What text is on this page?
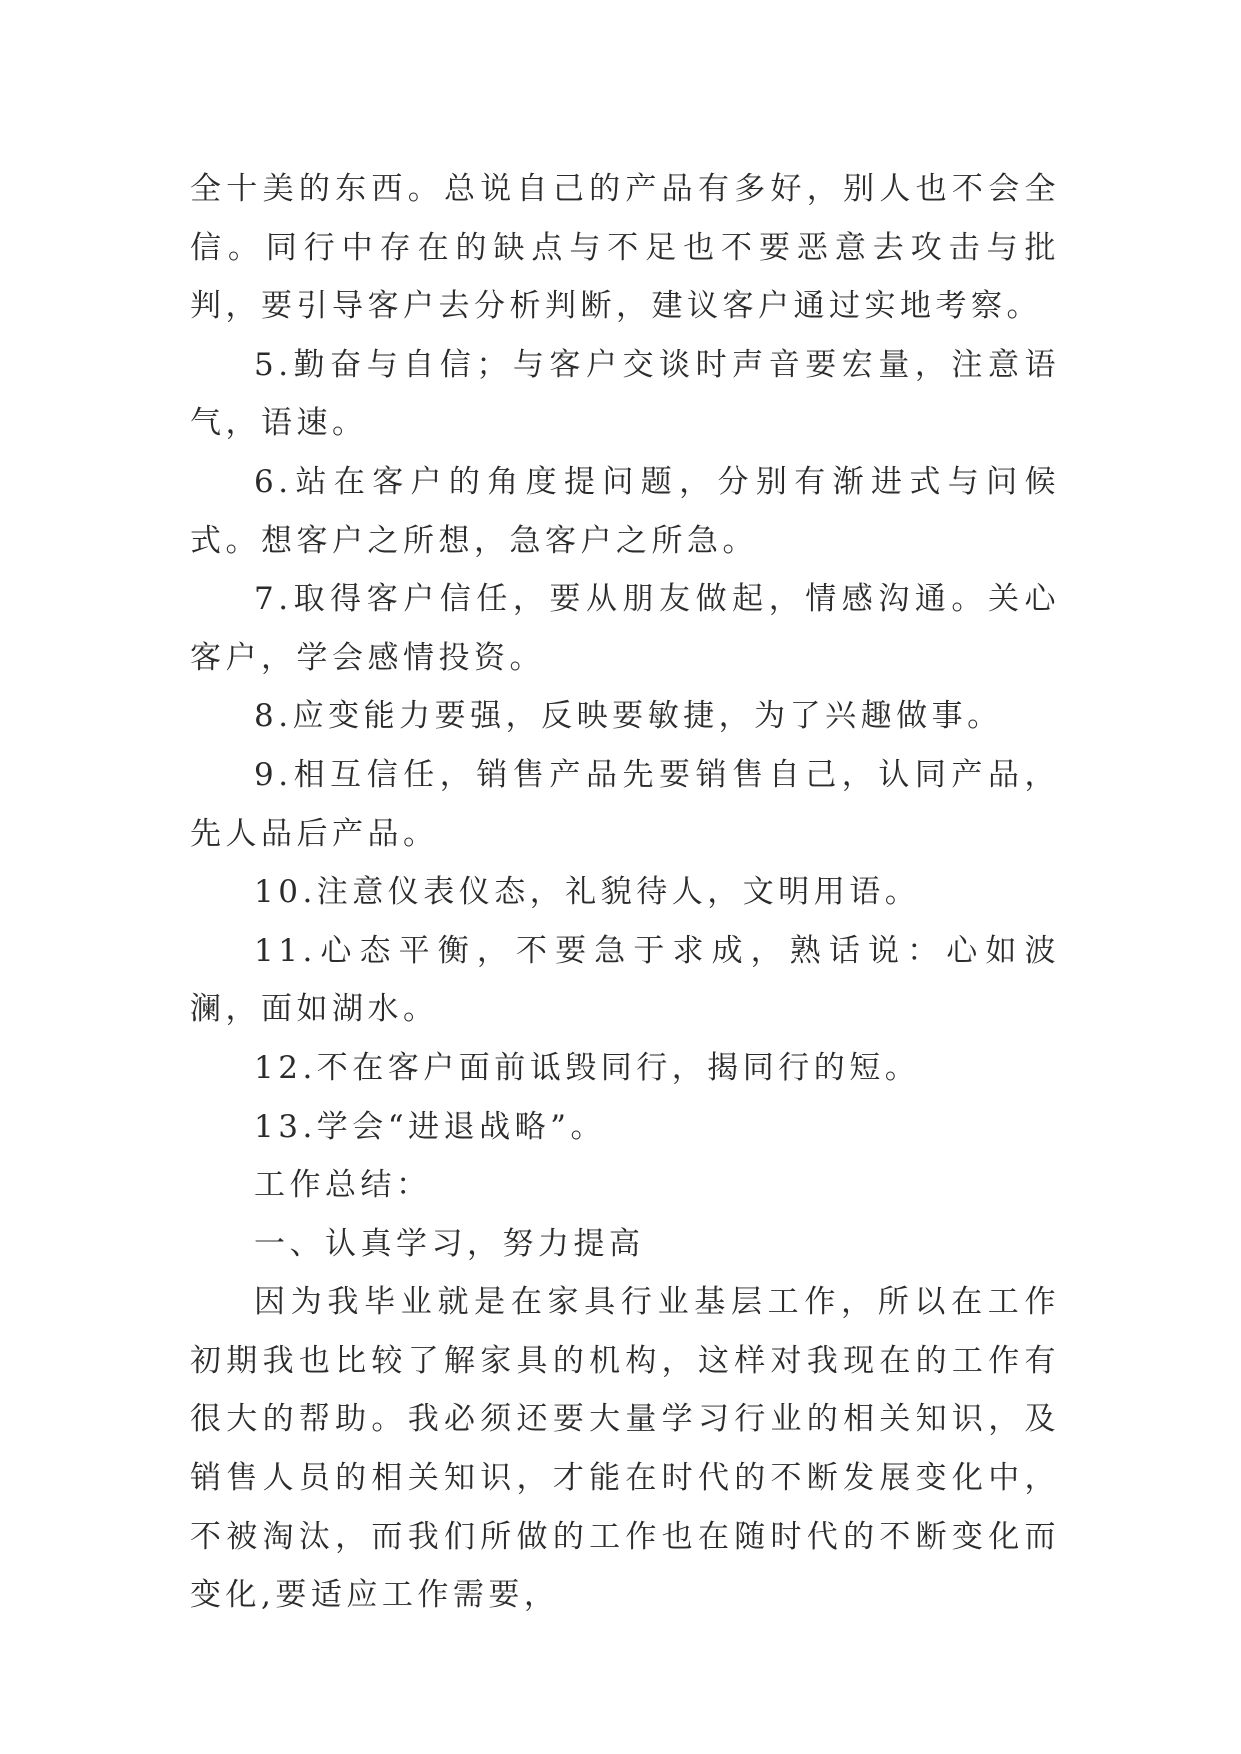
全十美的东西。总说自己的产品有多好，别人也不会全信。同行中存在的缺点与不足也不要恶意去攻击与批判，要引导客户去分析判断，建议客户通过实地考察。

5.勤奋与自信；与客户交谈时声音要宏量，注意语气，语速。

6.站在客户的角度提问题，分别有渐进式与问候式。想客户之所想，急客户之所急。

7.取得客户信任，要从朋友做起，情感沟通。关心客户，学会感情投资。

8.应变能力要强，反映要敏捷，为了兴趣做事。

9.相互信任，销售产品先要销售自己，认同产品，先人品后产品。

10.注意仪表仪态，礼貌待人，文明用语。

11.心态平衡，不要急于求成，熟话说：心如波澜，面如湖水。

12.不在客户面前诋毁同行，揭同行的短。

13.学会“进退战略”。

工作总结：

一、认真学习，努力提高

因为我毕业就是在家具行业基层工作，所以在工作初期我也比较了解家具的机构，这样对我现在的工作有很大的帮助。我必须还要大量学习行业的相关知识，及销售人员的相关知识，才能在时代的不断发展变化中，不被淘汰，而我们所做的工作也在随时代的不断变化而变化,要适应工作需要，
